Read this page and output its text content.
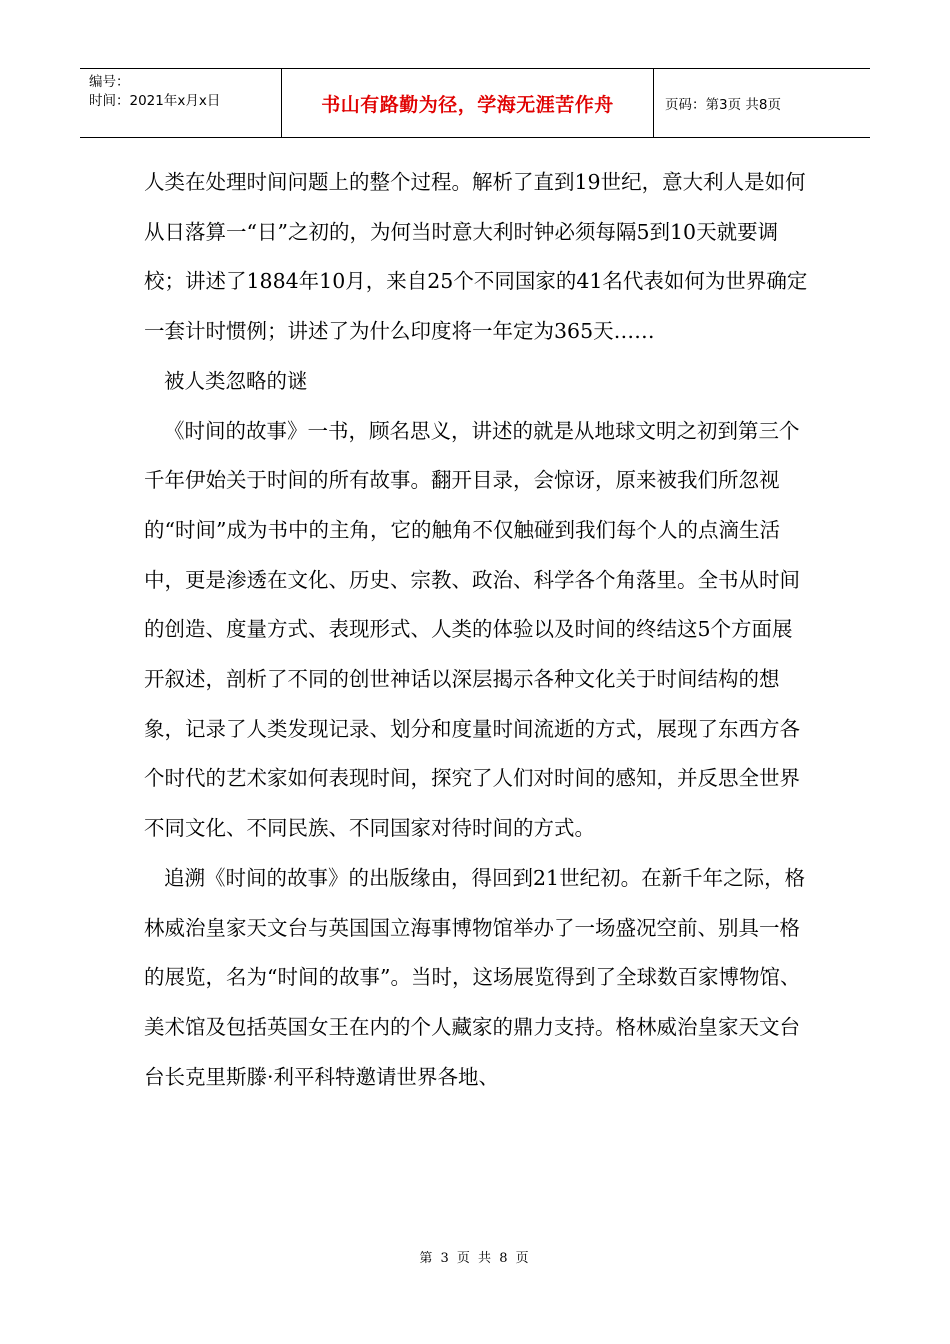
编号：
时间：2021年x月x日	书山有路勤为径，学海无涯苦作舟	页码：第3页 共8页

人类在处理时间问题上的整个过程。解析了直到19世纪，意大利人是如何从日落算一“日”之初的，为何当时意大利时钟必须每隔5到10天就要调校；讲述了1884年10月，来自25个不同国家的41名代表如何为世界确定一套计时惯例；讲述了为什么印度将一年定为365天……

被人类忽略的谜

《时间的故事》一书，顾名思义，讲述的就是从地球文明之初到第三个千年伊始关于时间的所有故事。翻开目录，会惊讶，原来被我们所忽视的“时间”成为书中的主角，它的触角不仅触碰到我们每个人的点滴生活中，更是渗透在文化、历史、宗教、政治、科学各个角落里。全书从时间的创造、度量方式、表现形式、人类的体验以及时间的终结这5个方面展开叙述，剖析了不同的创世神话以深层揭示各种文化关于时间结构的想象，记录了人类发现记录、划分和度量时间流逝的方式，展现了东西方各个时代的艺术家如何表现时间，探究了人们对时间的感知，并反思全世界不同文化、不同民族、不同国家对待时间的方式。

追溯《时间的故事》的出版缘由，得回到21世纪初。在新千年之际，格林威治皇家天文台与英国国立海事博物馆举办了一场盛况空前、别具一格的展览，名为“时间的故事”。当时，这场展览得到了全球数百家博物馆、美术馆及包括英国女王在内的个人藏家的鼎力支持。格林威治皇家天文台台长克里斯滕·利平科特邀请世界各地、

第 3 页 共 8 页
